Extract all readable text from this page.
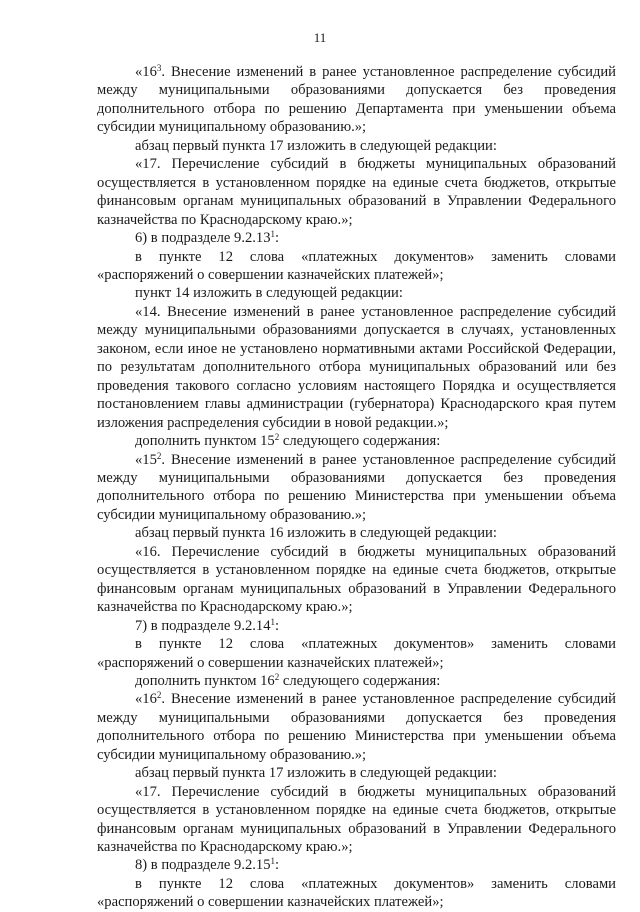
11

«$16^3$. Внесение изменений в ранее установленное распределение субсидий между муниципальными образованиями допускается без проведения дополнительного отбора по решению Департамента при уменьшении объема субсидии муниципальному образованию.»;

абзац первый пункта 17 изложить в следующей редакции:

«17. Перечисление субсидий в бюджеты муниципальных образований осуществляется в установленном порядке на единые счета бюджетов, открытые финансовым органам муниципальных образований в Управлении Федерального казначейства по Краснодарскому краю.»;

6) в подразделе 9.2.13$^1$:

в пункте 12 слова «платежных документов» заменить словами «распоряжений о совершении казначейских платежей»;

пункт 14 изложить в следующей редакции:

«14. Внесение изменений в ранее установленное распределение субсидий между муниципальными образованиями допускается в случаях, установленных законом, если иное не установлено нормативными актами Российской Федерации, по результатам дополнительного отбора муниципальных образований или без проведения такового согласно условиям настоящего Порядка и осуществляется постановлением главы администрации (губернатора) Краснодарского края путем изложения распределения субсидии в новой редакции.»;

дополнить пунктом $15^2$ следующего содержания:

«$15^2$. Внесение изменений в ранее установленное распределение субсидий между муниципальными образованиями допускается без проведения дополнительного отбора по решению Министерства при уменьшении объема субсидии муниципальному образованию.»;

абзац первый пункта 16 изложить в следующей редакции:

«16. Перечисление субсидий в бюджеты муниципальных образований осуществляется в установленном порядке на единые счета бюджетов, открытые финансовым органам муниципальных образований в Управлении Федерального казначейства по Краснодарскому краю.»;

7) в подразделе 9.2.14$^1$:

в пункте 12 слова «платежных документов» заменить словами «распоряжений о совершении казначейских платежей»;

дополнить пунктом $16^2$ следующего содержания:

«$16^2$. Внесение изменений в ранее установленное распределение субсидий между муниципальными образованиями допускается без проведения дополнительного отбора по решению Министерства при уменьшении объема субсидии муниципальному образованию.»;

абзац первый пункта 17 изложить в следующей редакции:

«17. Перечисление субсидий в бюджеты муниципальных образований осуществляется в установленном порядке на единые счета бюджетов, открытые финансовым органам муниципальных образований в Управлении Федерального казначейства по Краснодарскому краю.»;

8) в подразделе 9.2.15$^1$:

в пункте 12 слова «платежных документов» заменить словами «распоряжений о совершении казначейских платежей»;
